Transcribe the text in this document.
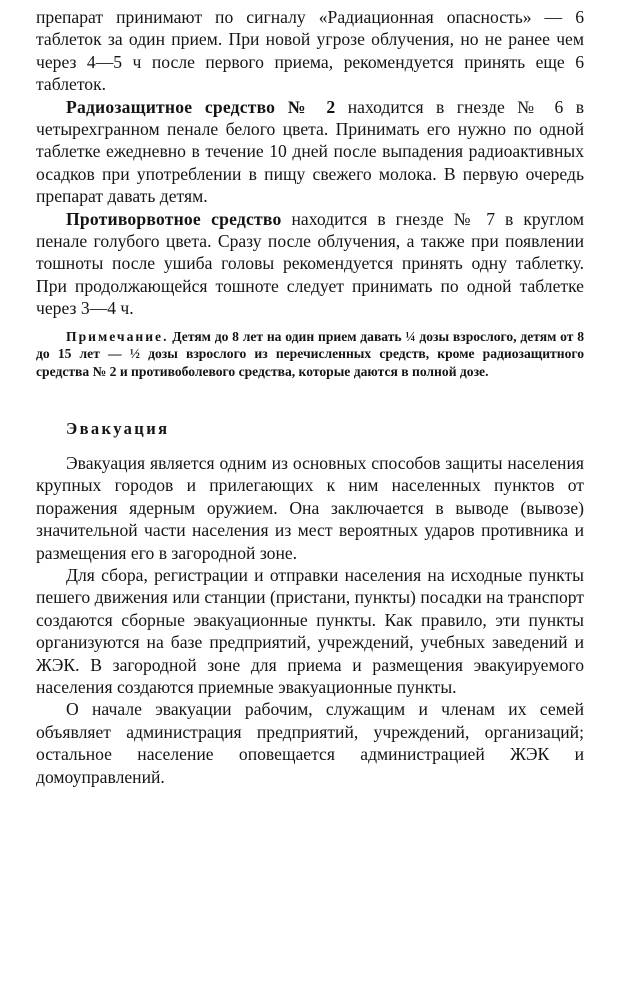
препарат принимают по сигналу «Радиационная опасность» — 6 таблеток за один прием. При новой угрозе облучения, но не ранее чем через 4—5 ч после первого приема, рекомендуется принять еще 6 таблеток.

Радиозащитное средство № 2 находится в гнезде № 6 в четырехгранном пенале белого цвета. Принимать его нужно по одной таблетке ежедневно в течение 10 дней после выпадения радиоактивных осадков при употреблении в пищу свежего молока. В первую очередь препарат давать детям.

Противорвотное средство находится в гнезде № 7 в круглом пенале голубого цвета. Сразу после облучения, а также при появлении тошноты после ушиба головы рекомендуется принять одну таблетку. При продолжающейся тошноте следует принимать по одной таблетке через 3—4 ч.

Примечание. Детям до 8 лет на один прием давать ¼ дозы взрослого, детям от 8 до 15 лет — ½ дозы взрослого из перечисленных средств, кроме радиозащитного средства № 2 и противоболевого средства, которые даются в полной дозе.

Эвакуация

Эвакуация является одним из основных способов защиты населения крупных городов и прилегающих к ним населенных пунктов от поражения ядерным оружием. Она заключается в выводе (вывозе) значительной части населения из мест вероятных ударов противника и размещения его в загородной зоне.

Для сбора, регистрации и отправки населения на исходные пункты пешего движения или станции (пристани, пункты) посадки на транспорт создаются сборные эвакуационные пункты. Как правило, эти пункты организуются на базе предприятий, учреждений, учебных заведений и ЖЭК. В загородной зоне для приема и размещения эвакуируемого населения создаются приемные эвакуационные пункты.

О начале эвакуации рабочим, служащим и членам их семей объявляет администрация предприятий, учреждений, организаций; остальное население оповещается администрацией ЖЭК и домоуправлений.
